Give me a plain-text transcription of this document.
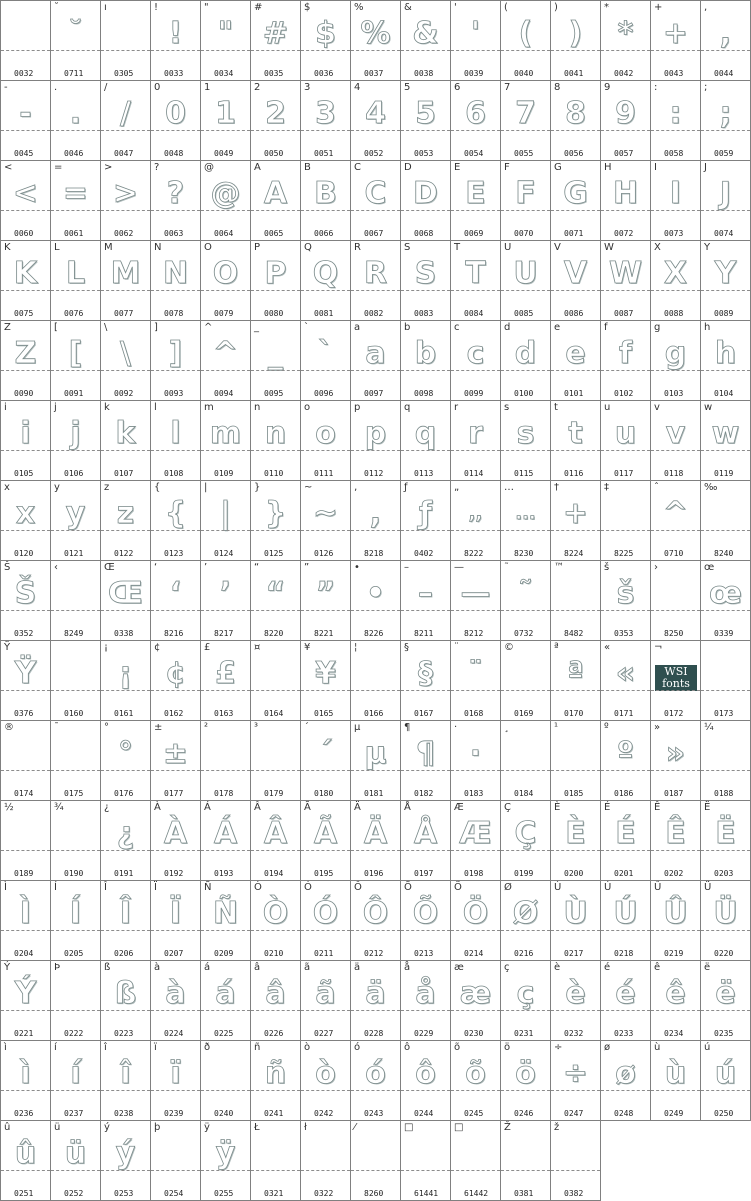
0032
˘
˘
0711
ı
0305
!
!
0033
"
"
0034
#
#
0035
$
$
0036
%
%
0037
&
&
0038
'
'
0039
(
(
0040
)
)
0041
*
*
0042
+
+
0043
,
,
0044
-
-
0045
.
.
0046
/
/
0047
0
0
0048
1
1
0049
2
2
0050
3
3
0051
4
4
0052
5
5
0053
6
6
0054
7
7
0055
8
8
0056
9
9
0057
:
:
0058
;
;
0059
<
<
0060
=
=
0061
>
>
0062
?
?
0063
@
@
0064
A
A
0065
B
B
0066
C
C
0067
D
D
0068
E
E
0069
F
F
0070
G
G
0071
H
H
0072
I
I
0073
J
J
0074
K
K
0075
L
L
0076
M
M
0077
N
N
0078
O
O
0079
P
P
0080
Q
Q
0081
R
R
0082
S
S
0083
T
T
0084
U
U
0085
V
V
0086
W
W
0087
X
X
0088
Y
Y
0089
Z
Z
0090
[
[
0091
\
\
0092
]
]
0093
^
^
0094
_
_
0095
`
`
0096
a
a
0097
b
b
0098
c
c
0099
d
d
0100
e
e
0101
f
f
0102
g
g
0103
h
h
0104
i
i
0105
j
j
0106
k
k
0107
l
l
0108
m
m
0109
n
n
0110
o
o
0111
p
p
0112
q
q
0113
r
r
0114
s
s
0115
t
t
0116
u
u
0117
v
v
0118
w
w
0119
x
x
0120
y
y
0121
z
z
0122
{
{
0123
|
|
0124
}
}
0125
~
~
0126
‚
,
8218
ƒ
ƒ
0402
„
,,
8222
…
...
8230
†
+
8224
‡
8225
ˆ
^
0710
‰
8240
Š
Š
0352
‹
8249
Œ
Œ
0338
‘
‘
8216
’
’
8217
“
“
8220
”
”
8221
•
•
8226
–
–
8211
—
—
8212
˜
˜
0732
™
8482
š
š
0353
›
8250
œ
œ
0339
Ÿ
Ÿ
0376	0160
¡
¡
0161
¢
¢
0162
£
£
0163
¤
0164
¥
¥
0165
¦
0166
§
§
0167
¨
¨
0168
©
0169
ª
ª
0170
«
«
0171
¬
WSI fonts
0172	0173
®
0174
¯
0175
°
°
0176
±
±
0177
²
0178
³
0179
´
´
0180
µ
µ
0181
¶
¶
0182
·
·
0183
¸
0184
¹
0185
º
º
0186
»
»
0187
¼
0188
½
0189
¾
0190
¿
¿
0191
À
À
0192
Á
Á
0193
Â
Â
0194
Ã
Ã
0195
Ä
Ä
0196
Å
Å
0197
Æ
Æ
0198
Ç
Ç
0199
È
È
0200
É
É
0201
Ê
Ê
0202
Ë
Ë
0203
Ì
Ì
0204
Í
Í
0205
Î
Î
0206
Ï
Ï
0207
Ñ
Ñ
0209
Ò
Ò
0210
Ó
Ó
0211
Ô
Ô
0212
Õ
Õ
0213
Ö
Ö
0214
Ø
Ø
0216
Ù
Ù
0217
Ú
Ú
0218
Û
Û
0219
Ü
Ü
0220
Ý
Ý
0221
Þ
0222
ß
ß
0223
à
à
0224
á
á
0225
â
â
0226
ã
ã
0227
ä
ä
0228
å
å
0229
æ
æ
0230
ç
ç
0231
è
è
0232
é
é
0233
ê
ê
0234
ë
ë
0235
ì
ì
0236
í
í
0237
î
î
0238
ï
ï
0239
ð
0240
ñ
ñ
0241
ò
ò
0242
ó
ó
0243
ô
ô
0244
õ
õ
0245
ö
ö
0246
÷
÷
0247
ø
ø
0248
ù
ù
0249
ú
ú
0250
û
û
0251
ü
ü
0252
ý
ý
0253
þ
0254
ÿ
ÿ
0255
Ł
0321
ł
0322
⁄
8260
□
61441
□
61442
Ž
0381
ž
0382
